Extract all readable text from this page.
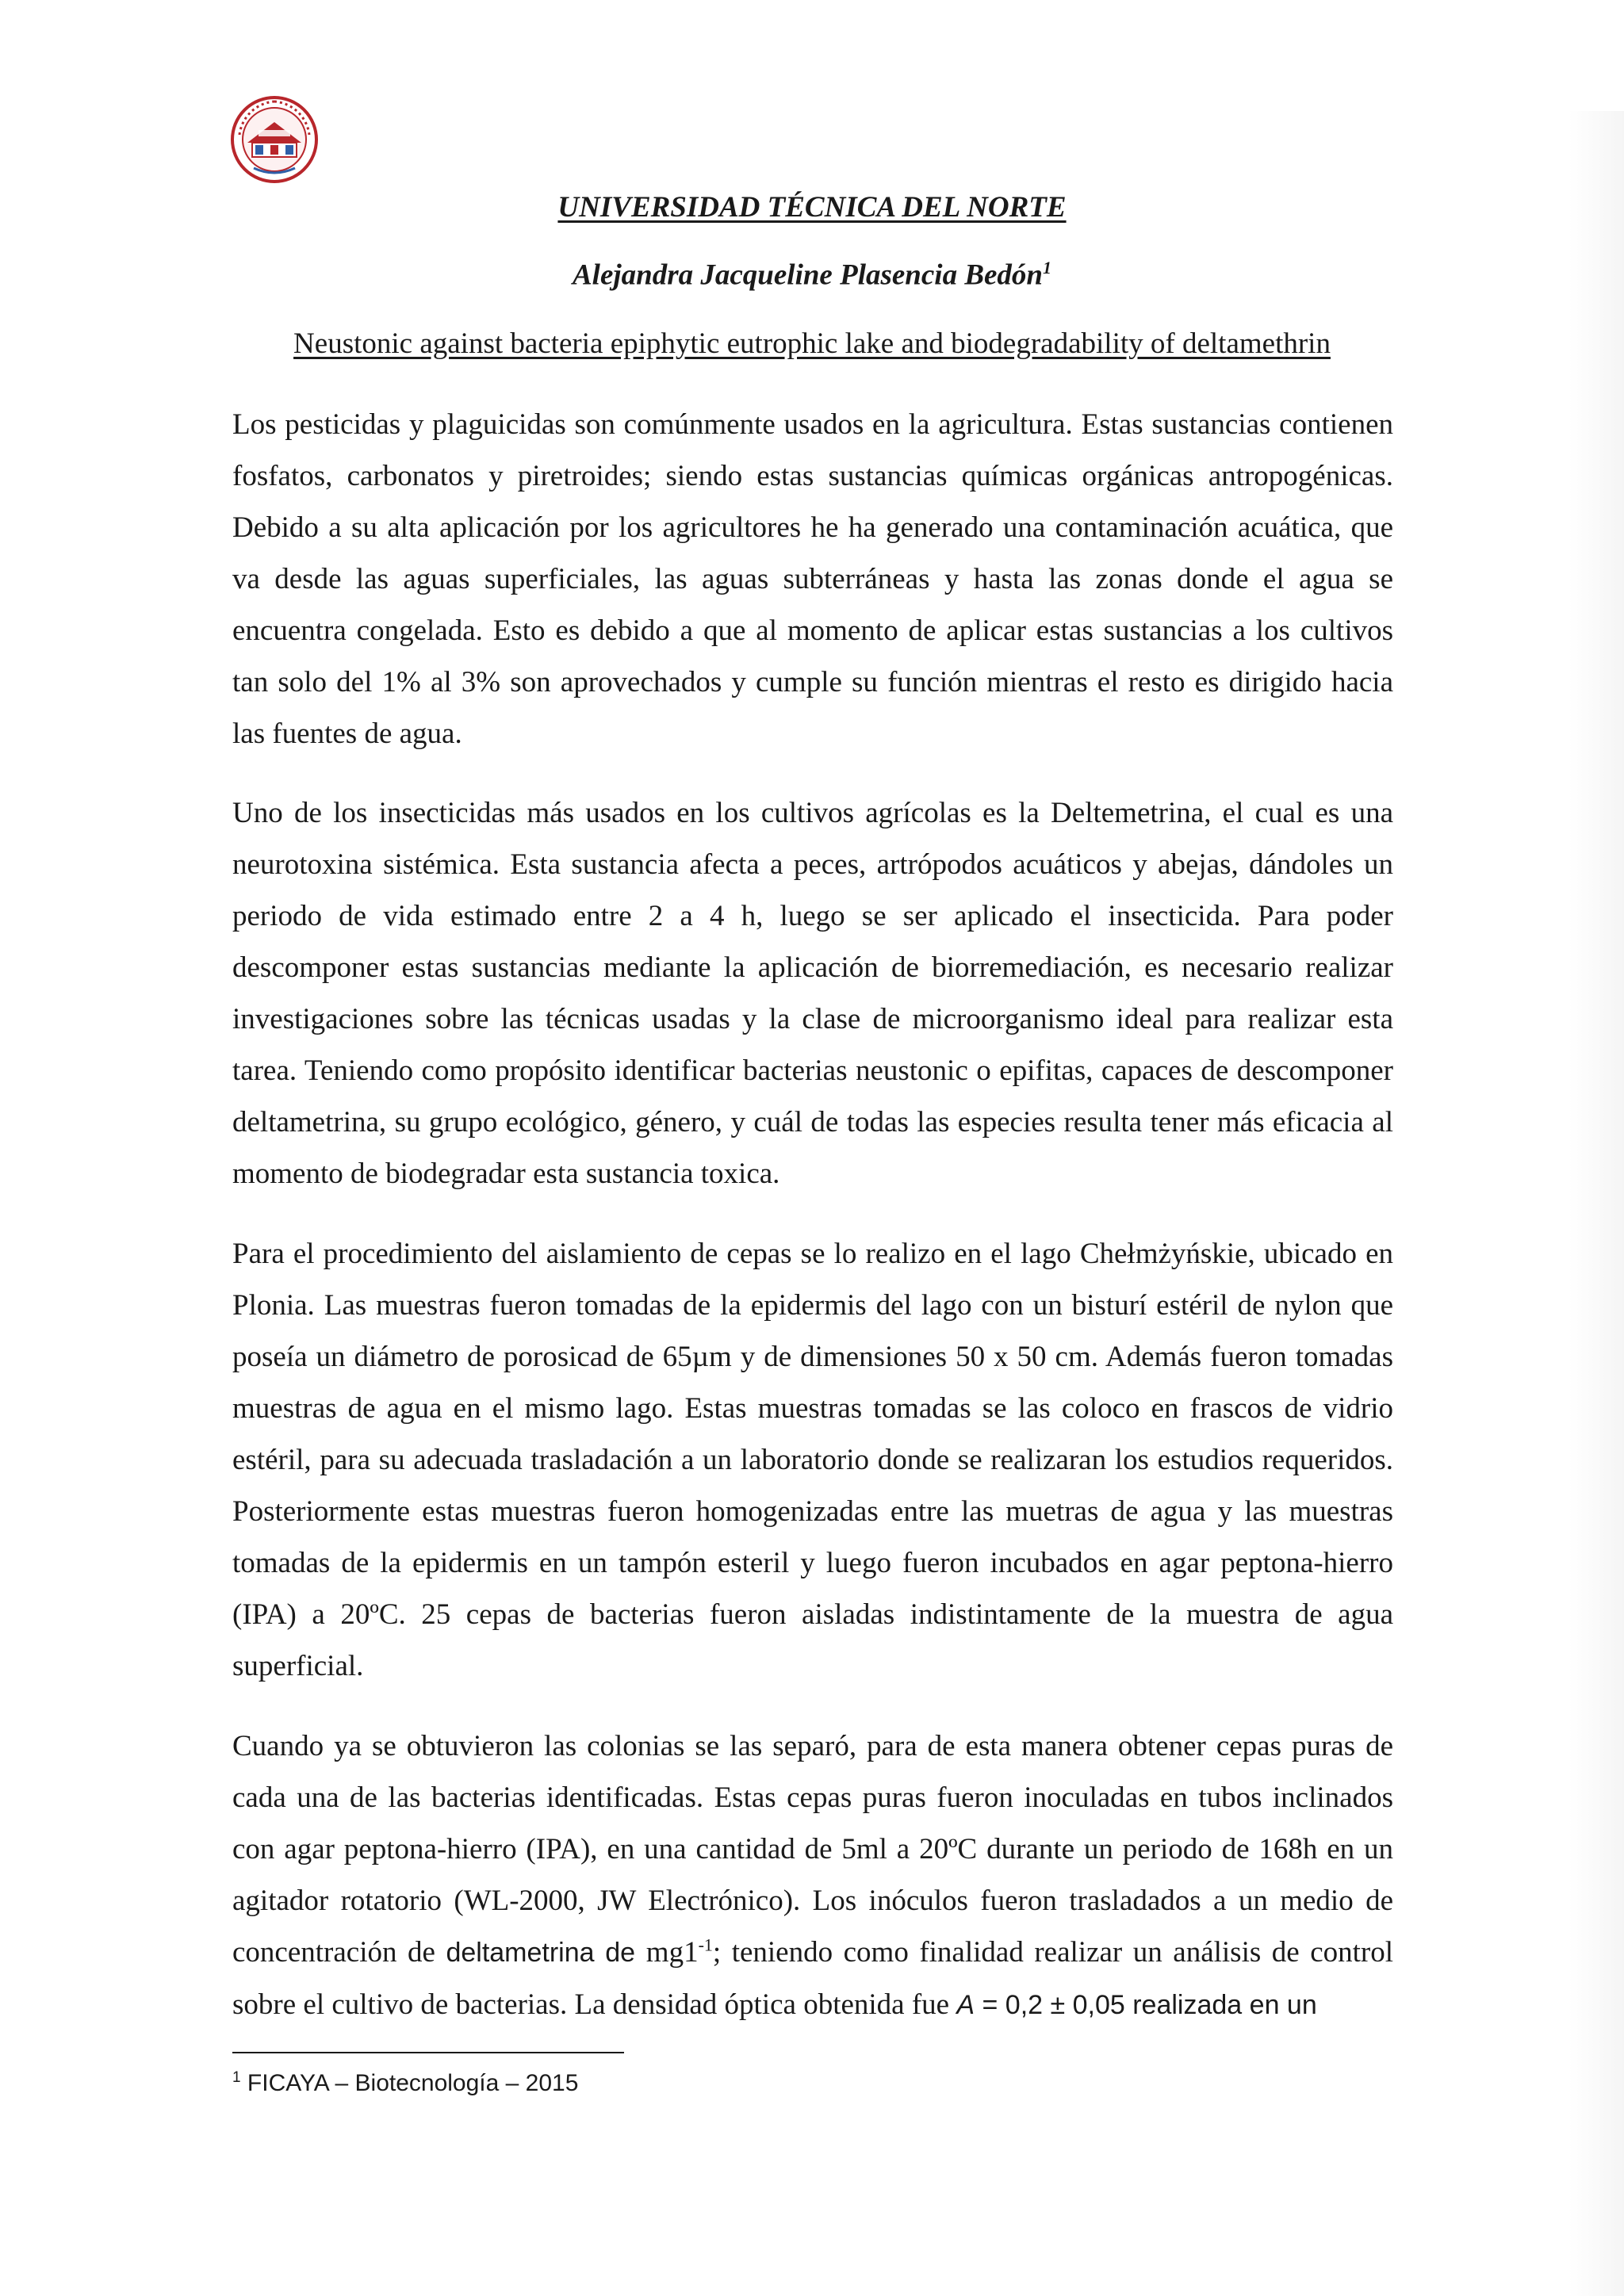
UNIVERSIDAD TÉCNICA DEL NORTE
Alejandra Jacqueline Plasencia Bedón$^1$
Neustonic against bacteria epiphytic eutrophic lake and biodegradability of deltamethrin

Los pesticidas y plaguicidas son comúnmente usados en la agricultura. Estas sustancias contienen fosfatos, carbonatos y piretroides; siendo estas sustancias químicas orgánicas antropogénicas. Debido a su alta aplicación por los agricultores he ha generado una contaminación acuática, que va desde las aguas superficiales, las aguas subterráneas y hasta las zonas donde el agua se encuentra congelada. Esto es debido a que al momento de aplicar estas sustancias a los cultivos tan solo del 1% al 3% son aprovechados y cumple su función mientras el resto es dirigido hacia las fuentes de agua.

Uno de los insecticidas más usados en los cultivos agrícolas es la Deltemetrina, el cual es una neurotoxina sistémica. Esta sustancia afecta a peces, artrópodos acuáticos y abejas, dándoles un periodo de vida estimado entre 2 a 4 h, luego se ser aplicado el insecticida. Para poder descomponer estas sustancias mediante la aplicación de biorremediación, es necesario realizar investigaciones sobre las técnicas usadas y la clase de microorganismo ideal para realizar esta tarea. Teniendo como propósito identificar bacterias neustonic o epifitas, capaces de descomponer deltametrina, su grupo ecológico, género, y cuál de todas las especies resulta tener más eficacia al momento de biodegradar esta sustancia toxica.

Para el procedimiento del aislamiento de cepas se lo realizo en el lago Chełmżyńskie, ubicado en Plonia. Las muestras fueron tomadas de la epidermis del lago con un bisturí estéril de nylon que poseía un diámetro de porosicad de 65µm y de dimensiones 50 x 50 cm. Además fueron tomadas muestras de agua en el mismo lago. Estas muestras tomadas se las coloco en frascos de vidrio estéril, para su adecuada trasladación a un laboratorio donde se realizaran los estudios requeridos. Posteriormente estas muestras fueron homogenizadas entre las muetras de agua y las muestras tomadas de la epidermis en un tampón esteril y luego fueron incubados en agar peptona-hierro (IPA) a 20ºC. 25 cepas de bacterias fueron aisladas indistintamente de la muestra de agua superficial.

Cuando ya se obtuvieron las colonias se las separó, para de esta manera obtener cepas puras de cada una de las bacterias identificadas. Estas cepas puras fueron inoculadas en tubos inclinados con agar peptona-hierro (IPA), en una cantidad de 5ml a 20ºC durante un periodo de 168h en un agitador rotatorio (WL-2000, JW Electrónico). Los inóculos fueron trasladados a un medio de concentración de deltametrina de $mg1^{-1}$; teniendo como finalidad realizar un análisis de control sobre el cultivo de bacterias. La densidad óptica obtenida fue A = 0,2 ± 0,05 realizada en un

$^1$ FICAYA – Biotecnología – 2015
